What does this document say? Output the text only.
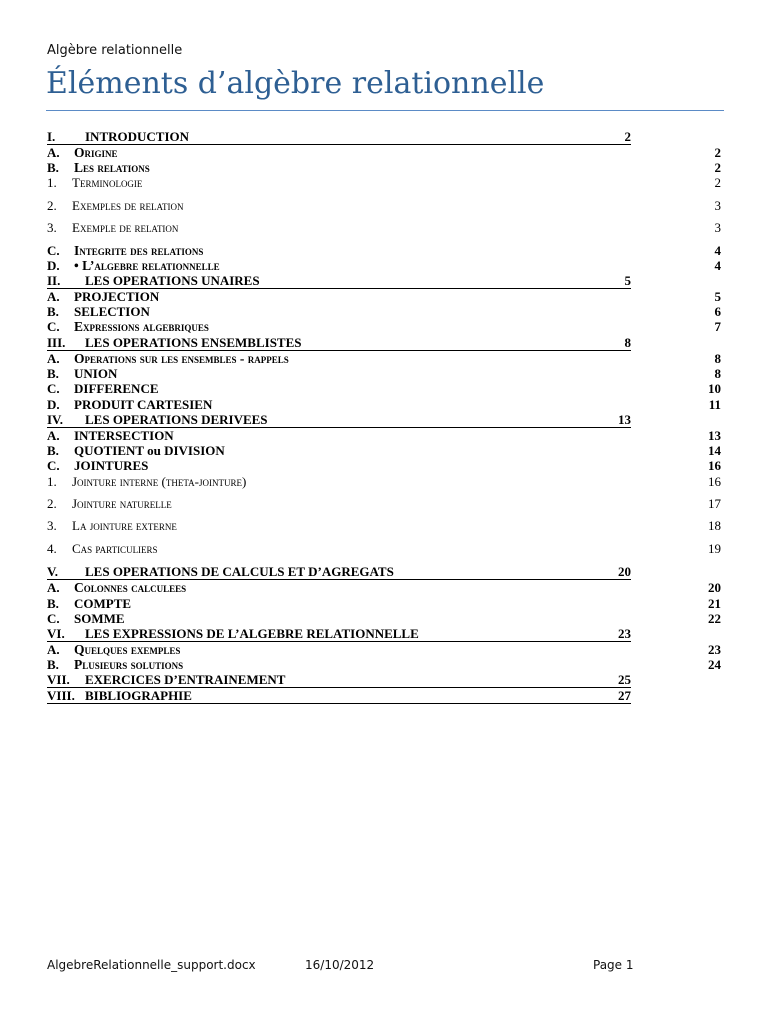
Algèbre relationnelle
Éléments d’algèbre relationnelle
I. INTRODUCTION	2
A. Origine	2
B. Les relations	2
1. Terminologie	2
2. Exemples de relation	3
3. Exemple de relation	3
C. Integrite des relations	4
D. • L’algebre relationnelle	4
II. LES OPERATIONS UNAIRES	5
A. PROJECTION	5
B. SELECTION	6
C. Expressions algebriques	7
III. LES OPERATIONS ENSEMBLISTES	8
A. Operations sur les ensembles - rappels	8
B. UNION	8
C. DIFFERENCE	10
D. PRODUIT CARTESIEN	11
IV. LES OPERATIONS DERIVEES	13
A. INTERSECTION	13
B. QUOTIENT ou DIVISION	14
C. JOINTURES	16
1. Jointure interne (theta-jointure)	16
2. Jointure naturelle	17
3. La jointure externe	18
4. Cas particuliers	19
V. LES OPERATIONS DE CALCULS ET D’AGREGATS	20
A. Colonnes calculees	20
B. COMPTE	21
C. SOMME	22
VI. LES EXPRESSIONS DE L’ALGEBRE RELATIONNELLE	23
A. Quelques exemples	23
B. Plusieurs solutions	24
VII. EXERCICES D’ENTRAINEMENT	25
VIII. BIBLIOGRAPHIE	27
AlgebreRelationnelle_support.docx	16/10/2012	Page 1
